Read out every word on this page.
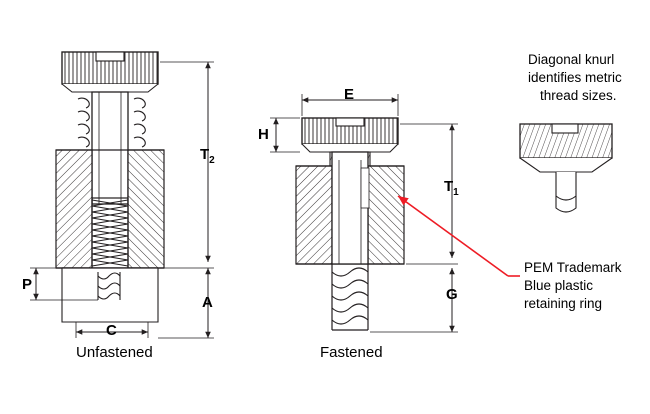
Unfastened	Fastened
$T_2$
A
C
P
E
H
$T_1$
G
Diagonal knurl
identifies metric
thread sizes.
PEM Trademark
Blue plastic
retaining ring
